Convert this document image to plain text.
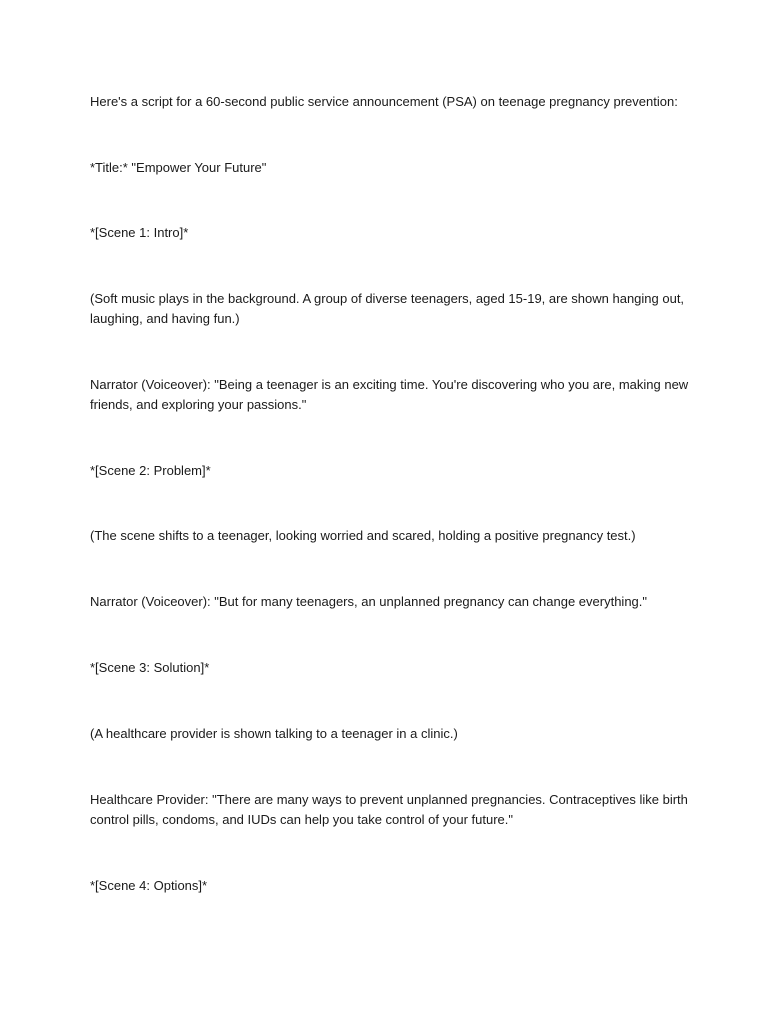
Here's a script for a 60-second public service announcement (PSA) on teenage pregnancy prevention:

*Title:* "Empower Your Future"

*[Scene 1: Intro]*

(Soft music plays in the background. A group of diverse teenagers, aged 15-19, are shown hanging out, laughing, and having fun.)

Narrator (Voiceover): "Being a teenager is an exciting time. You're discovering who you are, making new friends, and exploring your passions."

*[Scene 2: Problem]*

(The scene shifts to a teenager, looking worried and scared, holding a positive pregnancy test.)

Narrator (Voiceover): "But for many teenagers, an unplanned pregnancy can change everything."

*[Scene 3: Solution]*

(A healthcare provider is shown talking to a teenager in a clinic.)

Healthcare Provider: "There are many ways to prevent unplanned pregnancies. Contraceptives like birth control pills, condoms, and IUDs can help you take control of your future."

*[Scene 4: Options]*
